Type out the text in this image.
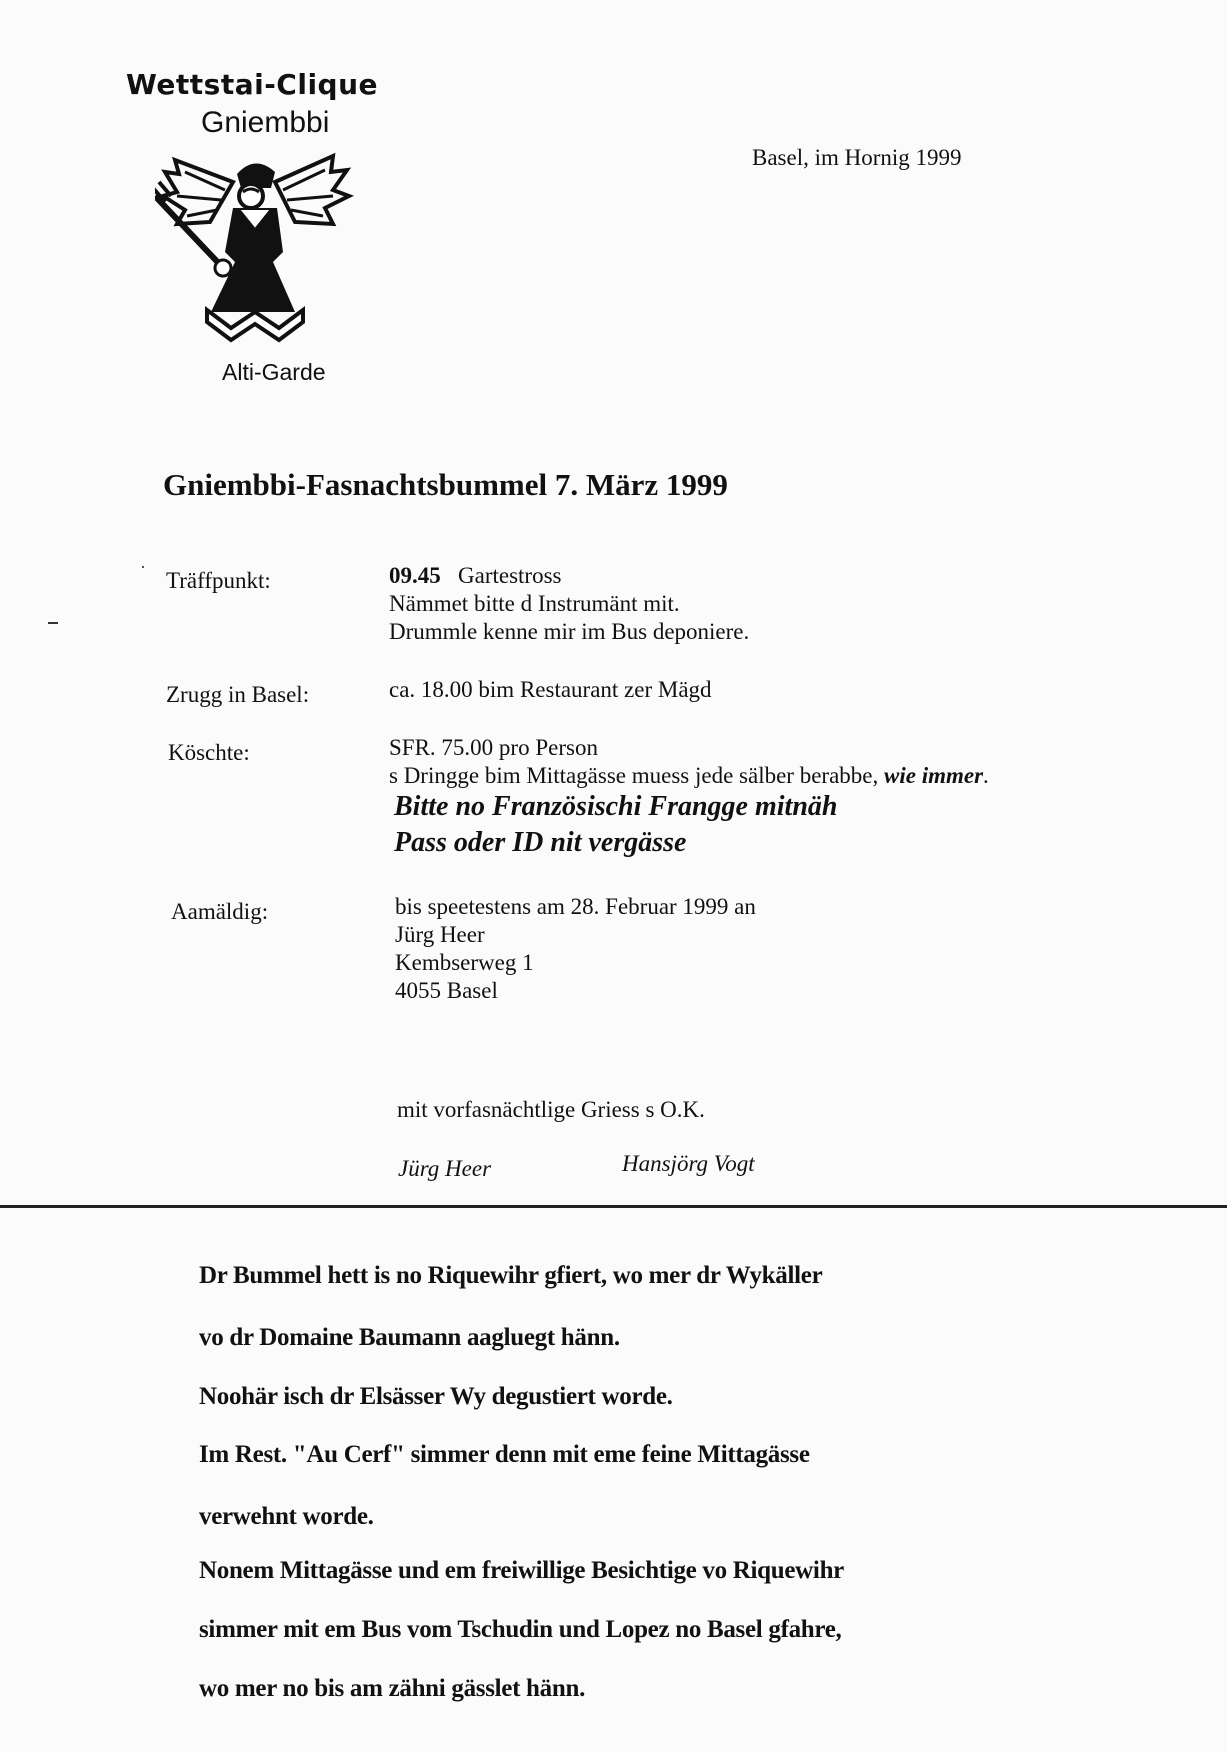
Wettstai-Clique
Gniembbi
Alti-Garde
Basel, im Hornig 1999
Gniembbi-Fasnachtsbummel 7. März 1999
Träffpunkt:	09.45 Gartestross
Nämmet bitte d Instrumänt mit.
Drummle kenne mir im Bus deponiere.
Zrugg in Basel:	ca. 18.00 bim Restaurant zer Mägd
Köschte:	SFR. 75.00 pro Person
s Dringge bim Mittagässe muess jede sälber berabbe, wie immer.
Bitte no Französischi Frangge mitnäh
Pass oder ID nit vergässe
Aamäldig:	bis speetestens am 28. Februar 1999 an
Jürg Heer
Kembserweg 1
4055 Basel
mit vorfasnächtlige Griess s O.K.
Jürg Heer	Hansjörg Vogt
Dr Bummel hett is no Riquewihr gfiert, wo mer dr Wykäller
vo dr Domaine Baumann aagluegt hänn.
Noohär isch dr Elsässer Wy degustiert worde.
Im Rest. "Au Cerf" simmer denn mit eme feine Mittagässe
verwehnt worde.
Nonem Mittagässe und em freiwillige Besichtige vo Riquewihr
simmer mit em Bus vom Tschudin und Lopez no Basel gfahre,
wo mer no bis am zähni gässlet hänn.
